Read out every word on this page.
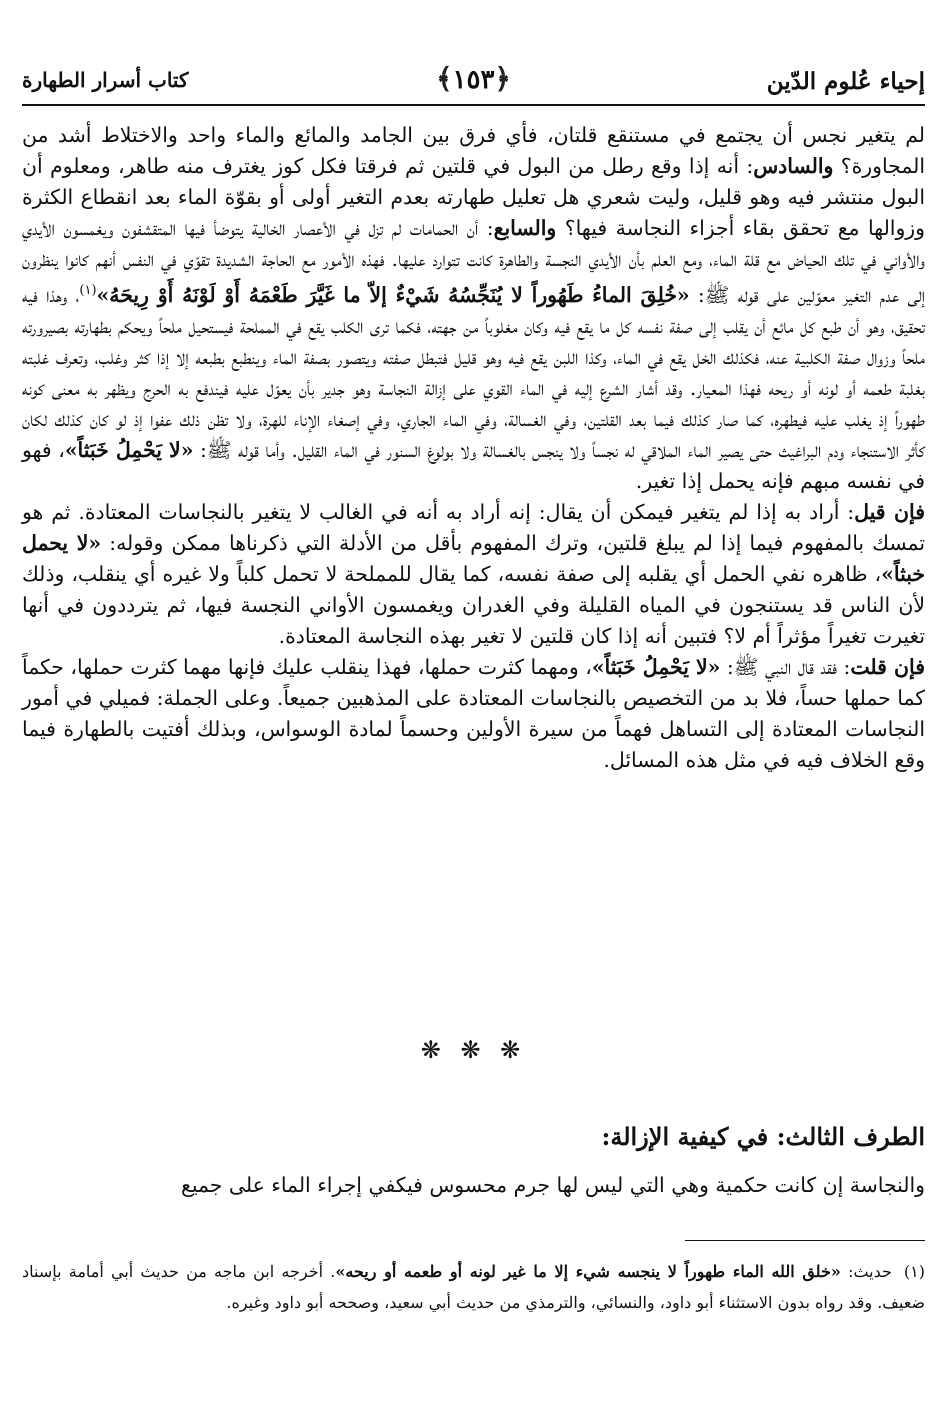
إحياء عُلوم الدّين
﴿١٥٣﴾
كتاب أسرار الطهارة

لم يتغير نجس أن يجتمع في مستنقع قلتان، فأي فرق بين الجامد والمائع والماء واحد والاختلاط أشد من المجاورة؟ والسادس: أنه إذا وقع رطل من البول في قلتين ثم فرقتا فكل كوز يغترف منه طاهر، ومعلوم أن البول منتشر فيه وهو قليل، وليت شعري هل تعليل طهارته بعدم التغير أولى أو بقوّة الماء بعد انقطاع الكثرة وزوالها مع تحقق بقاء أجزاء النجاسة فيها؟ والسابع: أن الحمامات لم تزل في الأعصار الخالية يتوضأ فيها المتقشفون ويغمسون الأيدي والأواني في تلك الحياض مع قلة الماء، ومع العلم بأن الأيدي النجسة والطاهرة كانت تتوارد عليها. فهذه الأمور مع الحاجة الشديدة تقوّي في النفس أنهم كانوا ينظرون إلى عدم التغير معوّلين على قوله ﷺ: «خُلِقَ الماءُ طَهُوراً لا يُنَجِّسُهُ شَيْءٌ إلاّ ما غَيَّرَ طَعْمَهُ أَوْ لَوْنَهُ أَوْ رِيحَهُ»$^{(١)}$، وهذا فيه تحقيق، وهو أن طبع كل مائع أن يقلب إلى صفة نفسه كل ما يقع فيه وكان مغلوباً من جهته، فكما ترى الكلب يقع في المملحة فيستحيل ملحاً ويحكم بطهارته بصيرورته ملحاً وزوال صفة الكلبية عنه، فكذلك الخل يقع في الماء، وكذا اللبن يقع فيه وهو قليل فتبطل صفته ويتصور بصفة الماء وينطبع بطبعه إلا إذا كثر وغلب، وتعرف غلبته بغلبة طعمه أو لونه أو ريحه فهذا المعيار. وقد أشار الشرع إليه في الماء القوي على إزالة النجاسة وهو جدير بأن يعوّل عليه فيندفع به الحرج ويظهر به معنى كونه طهوراً إذ يغلب عليه فيطهره، كما صار كذلك فيما بعد القلتين، وفي الغسالة، وفي الماء الجاري، وفي إصغاء الإناء للهرة، ولا تظن ذلك عفوا إذ لو كان كذلك لكان كأثر الاستنجاء ودم البراغيث حتى يصير الماء الملاقي له نجساً ولا ينجس بالغسالة ولا بولوغ السنور في الماء القليل. وأما قوله ﷺ: «لا يَحْمِلُ خَبَثاً»، فهو في نفسه مبهم فإنه يحمل إذا تغير.

فإن قيل: أراد به إذا لم يتغير فيمكن أن يقال: إنه أراد به أنه في الغالب لا يتغير بالنجاسات المعتادة. ثم هو تمسك بالمفهوم فيما إذا لم يبلغ قلتين، وترك المفهوم بأقل من الأدلة التي ذكرناها ممكن وقوله: «لا يحمل خبثاً»، ظاهره نفي الحمل أي يقلبه إلى صفة نفسه، كما يقال للمملحة لا تحمل كلباً ولا غيره أي ينقلب، وذلك لأن الناس قد يستنجون في المياه القليلة وفي الغدران ويغمسون الأواني النجسة فيها، ثم يترددون في أنها تغيرت تغيراً مؤثراً أم لا؟ فتبين أنه إذا كان قلتين لا تغير بهذه النجاسة المعتادة.

فإن قلت: فقد قال النبي ﷺ: «لا يَحْمِلُ خَبَثاً»، ومهما كثرت حملها، فهذا ينقلب عليك فإنها مهما كثرت حملها، حكماً كما حملها حساً، فلا بد من التخصيص بالنجاسات المعتادة على المذهبين جميعاً. وعلى الجملة: فميلي في أمور النجاسات المعتادة إلى التساهل فهماً من سيرة الأولين وحسماً لمادة الوسواس، وبذلك أفتيت بالطهارة فيما وقع الخلاف فيه في مثل هذه المسائل.

❋ ❋ ❋
الطرف الثالث: في كيفية الإزالة:
والنجاسة إن كانت حكمية وهي التي ليس لها جرم محسوس فيكفي إجراء الماء على جميع
(١)حديث: «خلق الله الماء طهوراً لا ينجسه شيء إلا ما غير لونه أو طعمه أو ريحه». أخرجه ابن ماجه من حديث أبي أمامة بإسناد ضعيف. وقد رواه بدون الاستثناء أبو داود، والنسائي، والترمذي من حديث أبي سعيد، وصححه أبو داود وغيره.
